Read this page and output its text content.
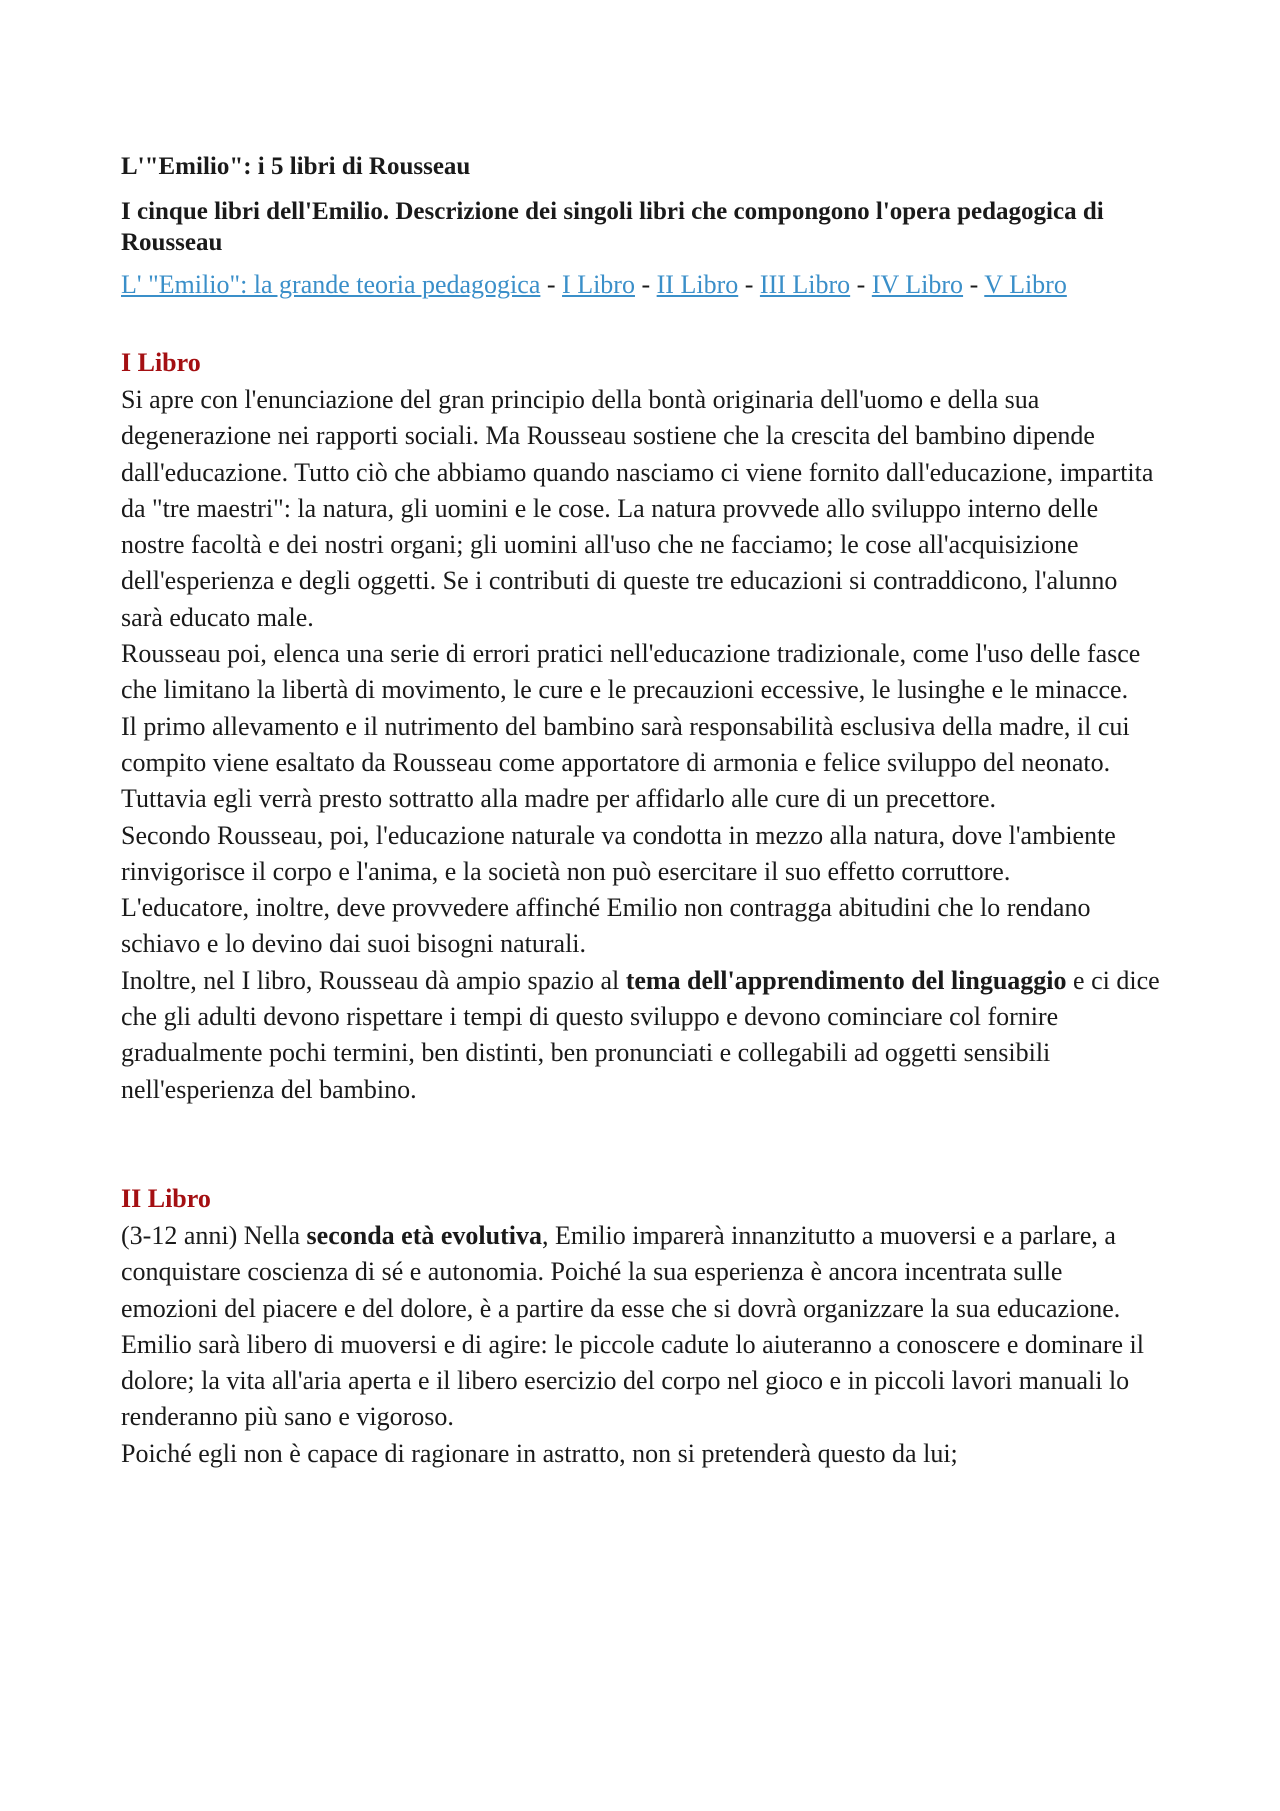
L'"Emilio": i 5 libri di Rousseau
I cinque libri dell'Emilio. Descrizione dei singoli libri che compongono l'opera pedagogica di Rousseau
L' "Emilio": la grande teoria pedagogica - I Libro - II Libro - III Libro - IV Libro - V Libro
I Libro

Si apre con l'enunciazione del gran principio della bontà originaria dell'uomo e della sua degenerazione nei rapporti sociali. Ma Rousseau sostiene che la crescita del bambino dipende dall'educazione. Tutto ciò che abbiamo quando nasciamo ci viene fornito dall'educazione, impartita da "tre maestri": la natura, gli uomini e le cose. La natura provvede allo sviluppo interno delle nostre facoltà e dei nostri organi; gli uomini all'uso che ne facciamo; le cose all'acquisizione dell'esperienza e degli oggetti. Se i contributi di queste tre educazioni si contraddicono, l'alunno sarà educato male.

Rousseau poi, elenca una serie di errori pratici nell'educazione tradizionale, come l'uso delle fasce che limitano la libertà di movimento, le cure e le precauzioni eccessive, le lusinghe e le minacce.

Il primo allevamento e il nutrimento del bambino sarà responsabilità esclusiva della madre, il cui compito viene esaltato da Rousseau come apportatore di armonia e felice sviluppo del neonato. Tuttavia egli verrà presto sottratto alla madre per affidarlo alle cure di un precettore.

Secondo Rousseau, poi, l'educazione naturale va condotta in mezzo alla natura, dove l'ambiente rinvigorisce il corpo e l'anima, e la società non può esercitare il suo effetto corruttore.

L'educatore, inoltre, deve provvedere affinché Emilio non contragga abitudini che lo rendano schiavo e lo devino dai suoi bisogni naturali.

Inoltre, nel I libro, Rousseau dà ampio spazio al tema dell'apprendimento del linguaggio e ci dice che gli adulti devono rispettare i tempi di questo sviluppo e devono cominciare col fornire gradualmente pochi termini, ben distinti, ben pronunciati e collegabili ad oggetti sensibili nell'esperienza del bambino.

II Libro

(3-12 anni) Nella seconda età evolutiva, Emilio imparerà innanzitutto a muoversi e a parlare, a conquistare coscienza di sé e autonomia. Poiché la sua esperienza è ancora incentrata sulle emozioni del piacere e del dolore, è a partire da esse che si dovrà organizzare la sua educazione.

Emilio sarà libero di muoversi e di agire: le piccole cadute lo aiuteranno a conoscere e dominare il dolore; la vita all'aria aperta e il libero esercizio del corpo nel gioco e in piccoli lavori manuali lo renderanno più sano e vigoroso.

Poiché egli non è capace di ragionare in astratto, non si pretenderà questo da lui;
